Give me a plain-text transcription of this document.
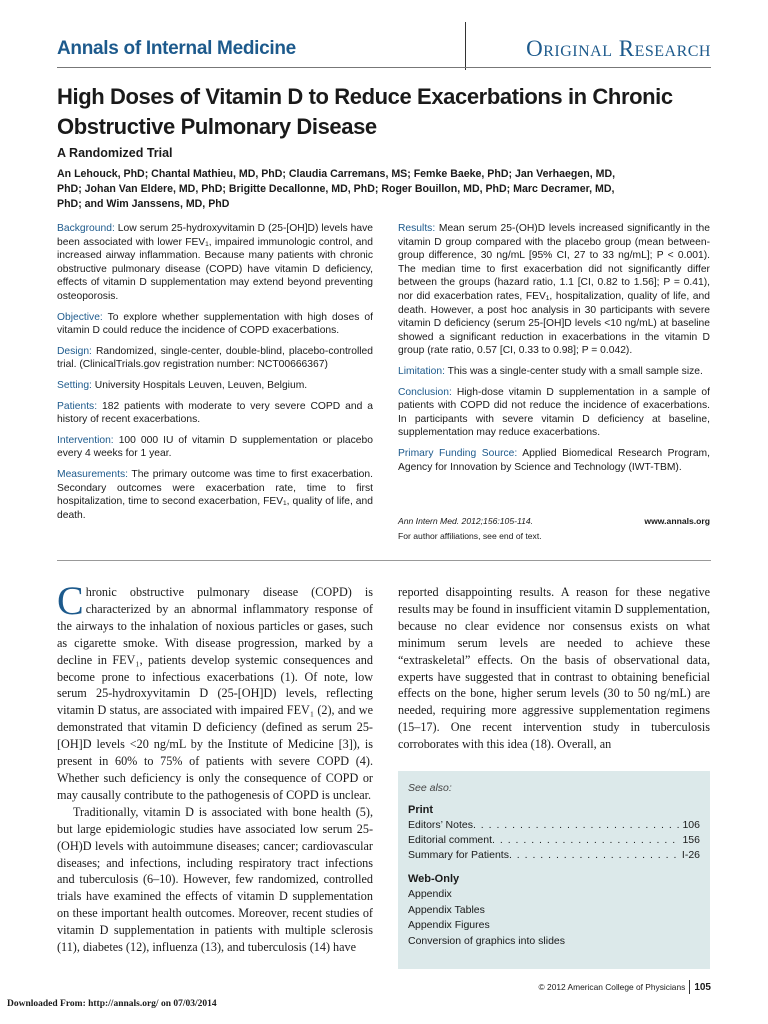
Annals of Internal Medicine	Original Research
High Doses of Vitamin D to Reduce Exacerbations in Chronic Obstructive Pulmonary Disease
A Randomized Trial
An Lehouck, PhD; Chantal Mathieu, MD, PhD; Claudia Carremans, MS; Femke Baeke, PhD; Jan Verhaegen, MD, PhD; Johan Van Eldere, MD, PhD; Brigitte Decallonne, MD, PhD; Roger Bouillon, MD, PhD; Marc Decramer, MD, PhD; and Wim Janssens, MD, PhD

Background: Low serum 25-hydroxyvitamin D (25-[OH]D) levels have been associated with lower FEV₁, impaired immunologic control, and increased airway inflammation. Because many patients with chronic obstructive pulmonary disease (COPD) have vitamin D deficiency, effects of vitamin D supplementation may extend beyond preventing osteoporosis.

Objective: To explore whether supplementation with high doses of vitamin D could reduce the incidence of COPD exacerbations.

Design: Randomized, single-center, double-blind, placebo-controlled trial. (ClinicalTrials.gov registration number: NCT00666367)

Setting: University Hospitals Leuven, Leuven, Belgium.

Patients: 182 patients with moderate to very severe COPD and a history of recent exacerbations.

Intervention: 100 000 IU of vitamin D supplementation or placebo every 4 weeks for 1 year.

Measurements: The primary outcome was time to first exacerbation. Secondary outcomes were exacerbation rate, time to first hospitalization, time to second exacerbation, FEV₁, quality of life, and death.

Results: Mean serum 25-(OH)D levels increased significantly in the vitamin D group compared with the placebo group (mean between-group difference, 30 ng/mL [95% CI, 27 to 33 ng/mL]; P < 0.001). The median time to first exacerbation did not significantly differ between the groups (hazard ratio, 1.1 [CI, 0.82 to 1.56]; P = 0.41), nor did exacerbation rates, FEV₁, hospitalization, quality of life, and death. However, a post hoc analysis in 30 participants with severe vitamin D deficiency (serum 25-[OH]D levels <10 ng/mL) at baseline showed a significant reduction in exacerbations in the vitamin D group (rate ratio, 0.57 [CI, 0.33 to 0.98]; P = 0.042).

Limitation: This was a single-center study with a small sample size.

Conclusion: High-dose vitamin D supplementation in a sample of patients with COPD did not reduce the incidence of exacerbations. In participants with severe vitamin D deficiency at baseline, supplementation may reduce exacerbations.

Primary Funding Source: Applied Biomedical Research Program, Agency for Innovation by Science and Technology (IWT-TBM).

Ann Intern Med. 2012;156:105-114.	www.annals.org
For author affiliations, see end of text.

Chronic obstructive pulmonary disease (COPD) is characterized by an abnormal inflammatory response of the airways to the inhalation of noxious particles or gases, such as cigarette smoke. With disease progression, marked by a decline in FEV₁, patients develop systemic consequences and become prone to infectious exacerbations (1). Of note, low serum 25-hydroxyvitamin D (25-[OH]D) levels, reflecting vitamin D status, are associated with impaired FEV₁ (2), and we demonstrated that vitamin D deficiency (defined as serum 25-[OH]D levels <20 ng/mL by the Institute of Medicine [3]), is present in 60% to 75% of patients with severe COPD (4). Whether such deficiency is only the consequence of COPD or may causally contribute to the pathogenesis of COPD is unclear.

Traditionally, vitamin D is associated with bone health (5), but large epidemiologic studies have associated low serum 25-(OH)D levels with autoimmune diseases; cancer; cardiovascular diseases; and infections, including respiratory tract infections and tuberculosis (6–10). However, few randomized, controlled trials have examined the effects of vitamin D supplementation on these important health outcomes. Moreover, recent studies of vitamin D supplementation in patients with multiple sclerosis (11), diabetes (12), influenza (13), and tuberculosis (14) have

reported disappointing results. A reason for these negative results may be found in insufficient vitamin D supplementation, because no clear evidence nor consensus exists on what minimum serum levels are needed to achieve these “extraskeletal” effects. On the basis of observational data, experts have suggested that in contrast to obtaining beneficial effects on the bone, higher serum levels (30 to 50 ng/mL) are needed, requiring more aggressive supplementation regimens (15–17). One recent intervention study in tuberculosis corroborates with this idea (18). Overall, an

See also:
Print
Editors’ Notes . . .	106
Editorial comment . . .	156
Summary for Patients . . .	I-26
Web-Only
Appendix
Appendix Tables
Appendix Figures
Conversion of graphics into slides
© 2012 American College of Physicians 105
Downloaded From: http://annals.org/ on 07/03/2014
